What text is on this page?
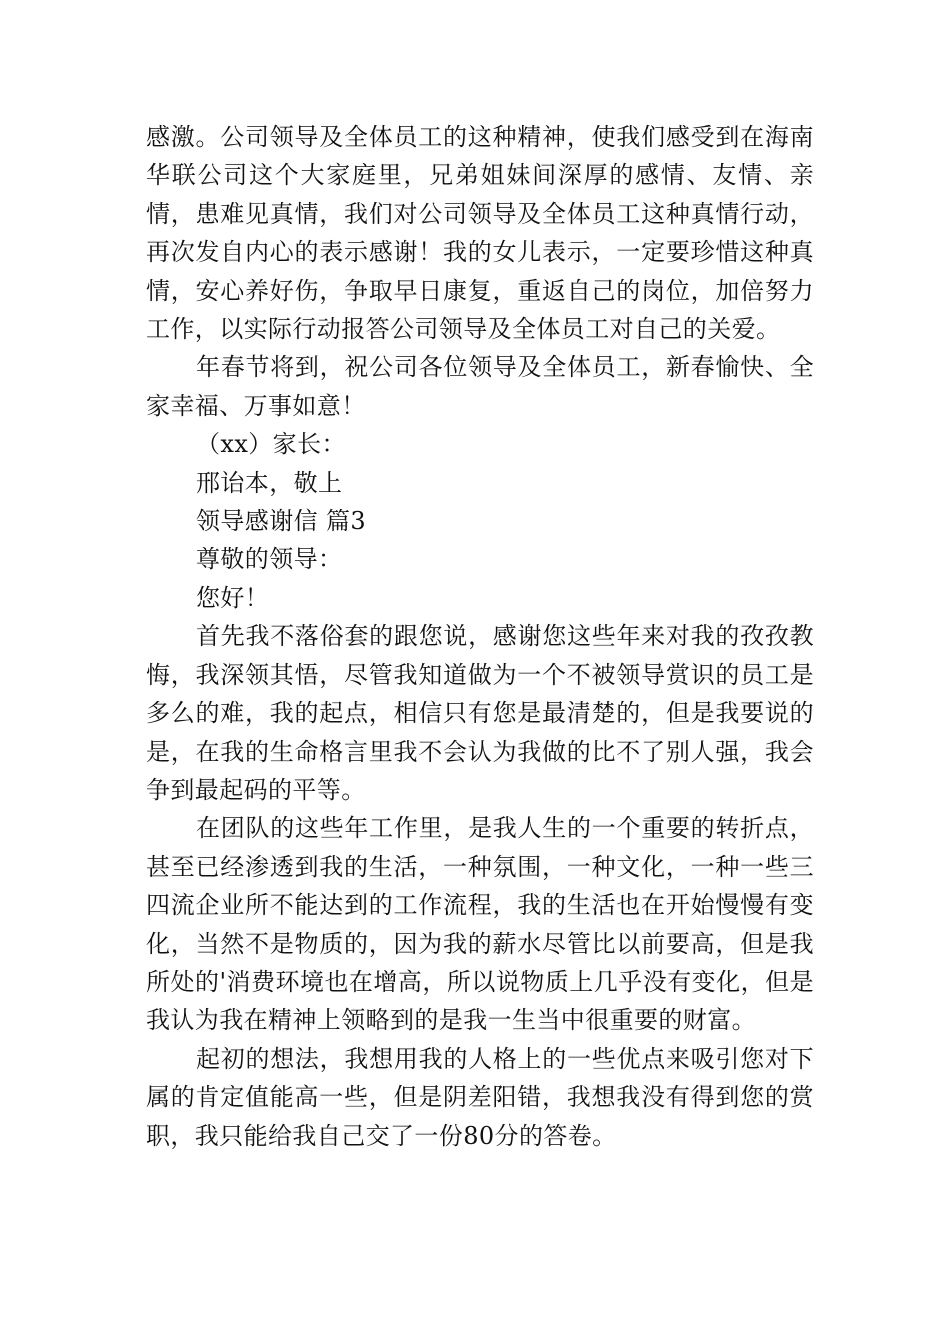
感激。公司领导及全体员工的这种精神，使我们感受到在海南华联公司这个大家庭里，兄弟姐妹间深厚的感情、友情、亲情，患难见真情，我们对公司领导及全体员工这种真情行动，再次发自内心的表示感谢！我的女儿表示，一定要珍惜这种真情，安心养好伤，争取早日康复，重返自己的岗位，加倍努力工作，以实际行动报答公司领导及全体员工对自己的关爱。

年春节将到，祝公司各位领导及全体员工，新春愉快、全家幸福、万事如意！

（xx）家长：

邢诒本，敬上

领导感谢信 篇3

尊敬的领导：

您好！

首先我不落俗套的跟您说，感谢您这些年来对我的孜孜教悔，我深领其悟，尽管我知道做为一个不被领导赏识的员工是多么的难，我的起点，相信只有您是最清楚的，但是我要说的是，在我的生命格言里我不会认为我做的比不了别人强，我会争到最起码的平等。

在团队的这些年工作里，是我人生的一个重要的转折点，甚至已经渗透到我的生活，一种氛围，一种文化，一种一些三四流企业所不能达到的工作流程，我的生活也在开始慢慢有变化，当然不是物质的，因为我的薪水尽管比以前要高，但是我所处的'消费环境也在增高，所以说物质上几乎没有变化，但是我认为我在精神上领略到的是我一生当中很重要的财富。

起初的想法，我想用我的人格上的一些优点来吸引您对下属的肯定值能高一些，但是阴差阳错，我想我没有得到您的赏职，我只能给我自己交了一份80分的答卷。
